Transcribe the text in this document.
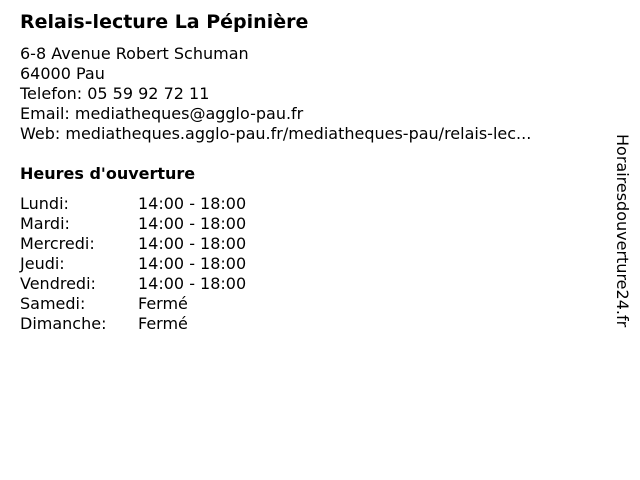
Relais-lecture La Pépinière
6-8 Avenue Robert Schuman
64000 Pau
Telefon: 05 59 92 72 11
Email: mediatheques@agglo-pau.fr
Web: mediatheques.agglo-pau.fr/mediatheques-pau/relais-lec...
Heures d'ouverture
Lundi:	14:00 - 18:00
Mardi:	14:00 - 18:00
Mercredi:	14:00 - 18:00
Jeudi:	14:00 - 18:00
Vendredi:	14:00 - 18:00
Samedi:	Fermé
Dimanche:	Fermé	Horairesdouverture24.fr
